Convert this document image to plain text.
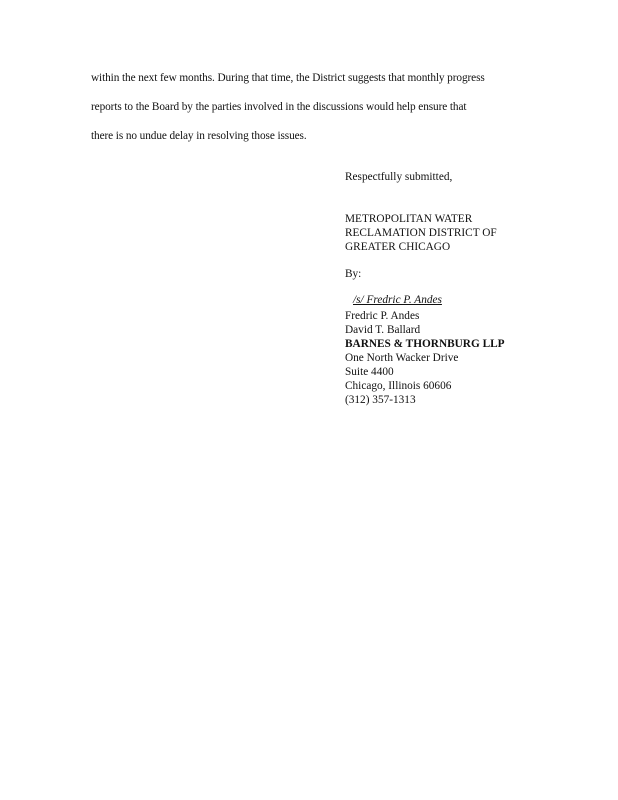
within the next few months. During that time, the District suggests that monthly progress
reports to the Board by the parties involved in the discussions would help ensure that
there is no undue delay in resolving those issues.
Respectfully submitted,
METROPOLITAN WATER
RECLAMATION DISTRICT OF
GREATER CHICAGO
By:
/s/ Fredric P. Andes
Fredric P. Andes
David T. Ballard
BARNES & THORNBURG LLP
One North Wacker Drive
Suite 4400
Chicago, Illinois 60606
(312) 357-1313
